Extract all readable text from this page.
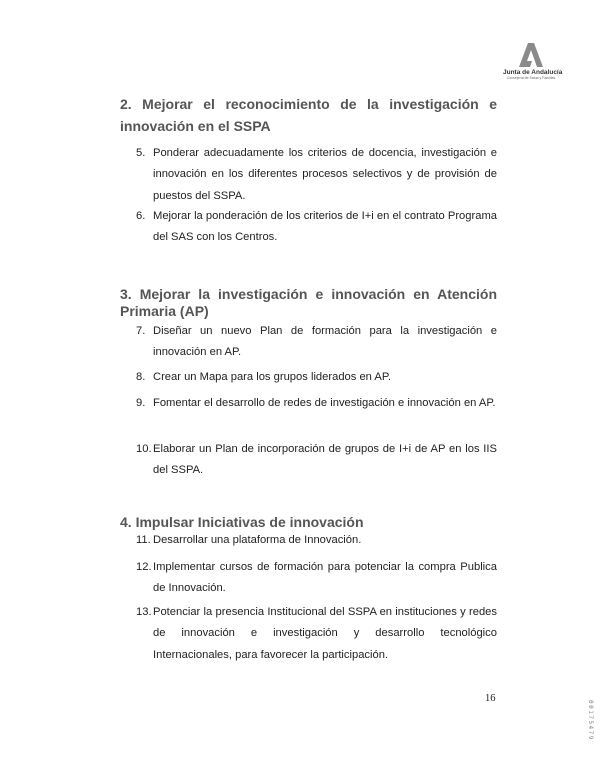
Junta de Andalucía
Consejería de Salud y Familias
2. Mejorar el reconocimiento de la investigación e innovación en el SSPA
5. Ponderar adecuadamente los criterios de docencia, investigación e innovación en los diferentes procesos selectivos y de provisión de puestos del SSPA.
6. Mejorar la ponderación de los criterios de I+i en el contrato Programa del SAS con los Centros.
3. Mejorar la investigación e innovación en Atención Primaria (AP)
7. Diseñar un nuevo Plan de formación para la investigación e innovación en AP.
8. Crear un Mapa para los grupos liderados en AP.
9. Fomentar el desarrollo de redes de investigación e innovación en AP.
10. Elaborar un Plan de incorporación de grupos de I+i de AP en los IIS del SSPA.
4. Impulsar Iniciativas de innovación
11. Desarrollar una plataforma de Innovación.
12. Implementar cursos de formación para potenciar la compra Publica de Innovación.
13. Potenciar la presencia Institucional del SSPA en instituciones y redes de innovación e investigación y desarrollo tecnológico Internacionales, para favorecer la participación.
16
00175479
